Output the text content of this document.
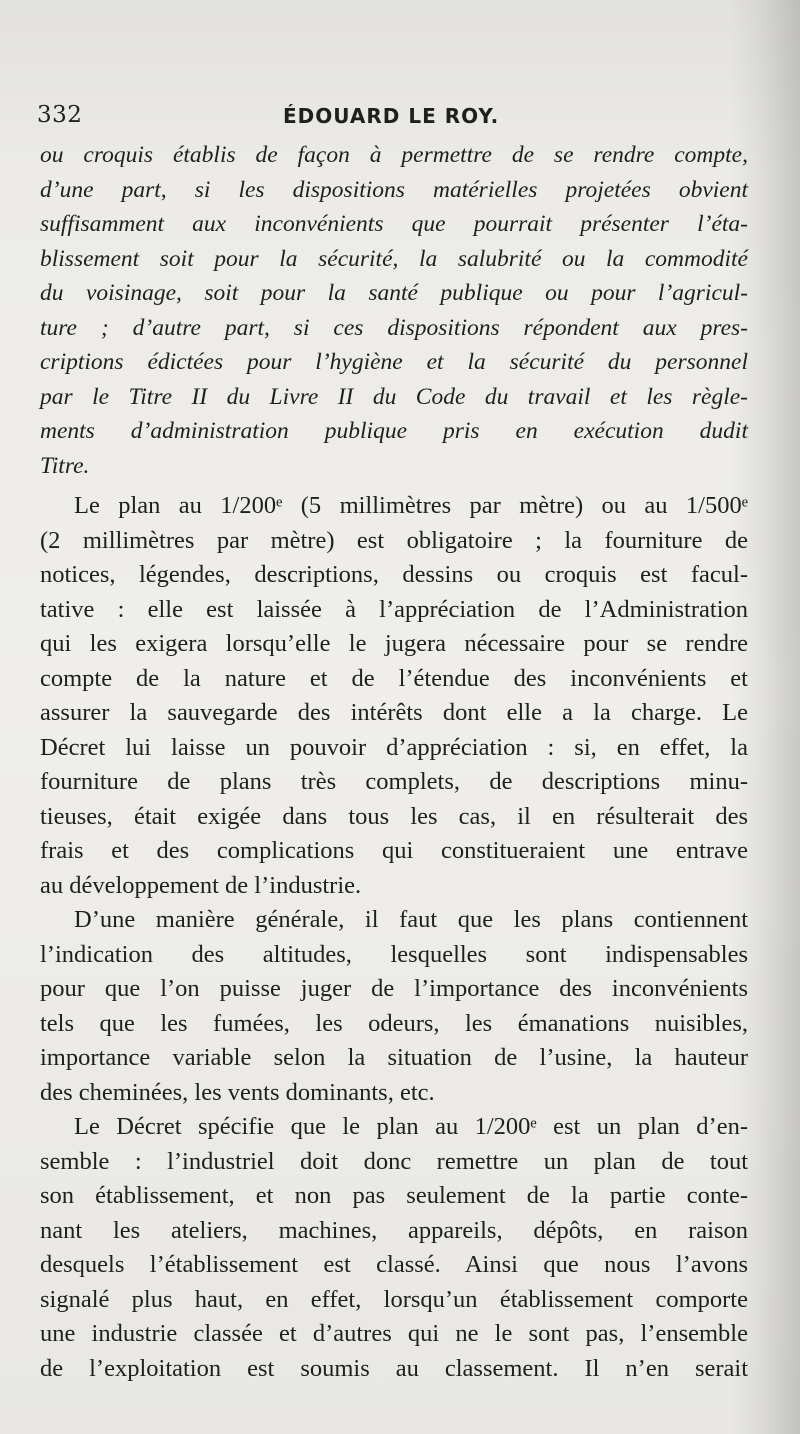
332	ÉDOUARD LE ROY.
ou croquis établis de façon à permettre de se rendre compte,
d’une part, si les dispositions matérielles projetées obvient
suffisamment aux inconvénients que pourrait présenter l’éta-
blissement soit pour la sécurité, la salubrité ou la commodité
du voisinage, soit pour la santé publique ou pour l’agricul-
ture ; d’autre part, si ces dispositions répondent aux pres-
criptions édictées pour l’hygiène et la sécurité du personnel
par le Titre II du Livre II du Code du travail et les règle-
ments d’administration publique pris en exécution dudit
Titre.
Le plan au 1/200ᵉ (5 millimètres par mètre) ou au 1/500ᵉ
(2 millimètres par mètre) est obligatoire ; la fourniture de
notices, légendes, descriptions, dessins ou croquis est facul-
tative : elle est laissée à l’appréciation de l’Administration
qui les exigera lorsqu’elle le jugera nécessaire pour se rendre
compte de la nature et de l’étendue des inconvénients et
assurer la sauvegarde des intérêts dont elle a la charge. Le
Décret lui laisse un pouvoir d’appréciation : si, en effet, la
fourniture de plans très complets, de descriptions minu-
tieuses, était exigée dans tous les cas, il en résulterait des
frais et des complications qui constitueraient une entrave
au développement de l’industrie.
D’une manière générale, il faut que les plans contiennent
l’indication des altitudes, lesquelles sont indispensables
pour que l’on puisse juger de l’importance des inconvénients
tels que les fumées, les odeurs, les émanations nuisibles,
importance variable selon la situation de l’usine, la hauteur
des cheminées, les vents dominants, etc.
Le Décret spécifie que le plan au 1/200ᵉ est un plan d’en-
semble : l’industriel doit donc remettre un plan de tout
son établissement, et non pas seulement de la partie conte-
nant les ateliers, machines, appareils, dépôts, en raison
desquels l’établissement est classé. Ainsi que nous l’avons
signalé plus haut, en effet, lorsqu’un établissement comporte
une industrie classée et d’autres qui ne le sont pas, l’ensemble
de l’exploitation est soumis au classement. Il n’en serait
